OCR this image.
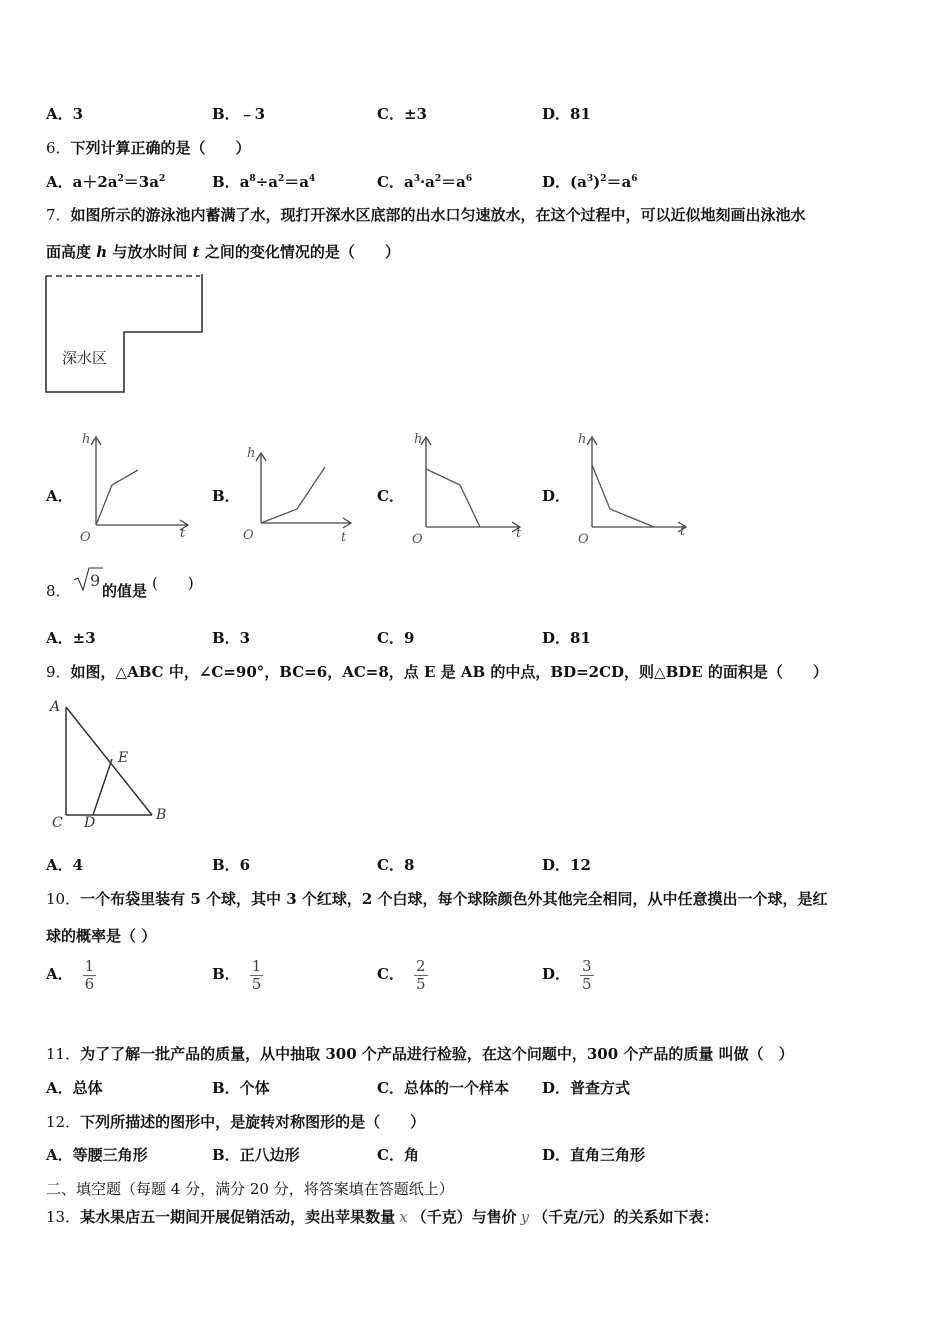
A．3	B．﹣3	C．±3	D．81
6．下列计算正确的是（　　）
A．$a+2a^2=3a^2$	B．$a^8\div a^2=a^4$	C．$a^3\cdot a^2=a^6$	D．$(a^3)^2=a^6$
7．如图所示的游泳池内蓄满了水，现打开深水区底部的出水口匀速放水，在这个过程中，可以近似地刻画出泳池水
面高度 h 与放水时间 t 之间的变化情况的是（　　）
深水区
A．
h
t
O
B．
h
t
O
C．
h
t
O
D．
h
t
O
8．
9
的值是 (　　)
A．±3	B．3	C．9	D．81
9．如图，△ABC 中，∠C=90°，BC=6，AC=8，点 E 是 AB 的中点，BD=2CD，则△BDE 的面积是（　　）
A
B
C D
E
A．4	B．6	C．8	D．12
10．一个布袋里装有 5 个球，其中 3 个红球，2 个白球，每个球除颜色外其他完全相同，从中任意摸出一个球，是红
球的概率是（ ）
A． $\frac{1}{6}$	B． $\frac{1}{5}$	C． $\frac{2}{5}$	D． $\frac{3}{5}$
11．为了了解一批产品的质量，从中抽取 300 个产品进行检验，在这个问题中，300 个产品的质量 叫做（　）
A．总体	B．个体	C．总体的一个样本 D．普查方式
12．下列所描述的图形中，是旋转对称图形的是（　　）
A．等腰三角形	B．正八边形	C．角	D．直角三角形
二、填空题（每题 4 分，满分 20 分，将答案填在答题纸上）
13．某水果店五一期间开展促销活动，卖出苹果数量 x （千克）与售价 y （千克/元）的关系如下表：
